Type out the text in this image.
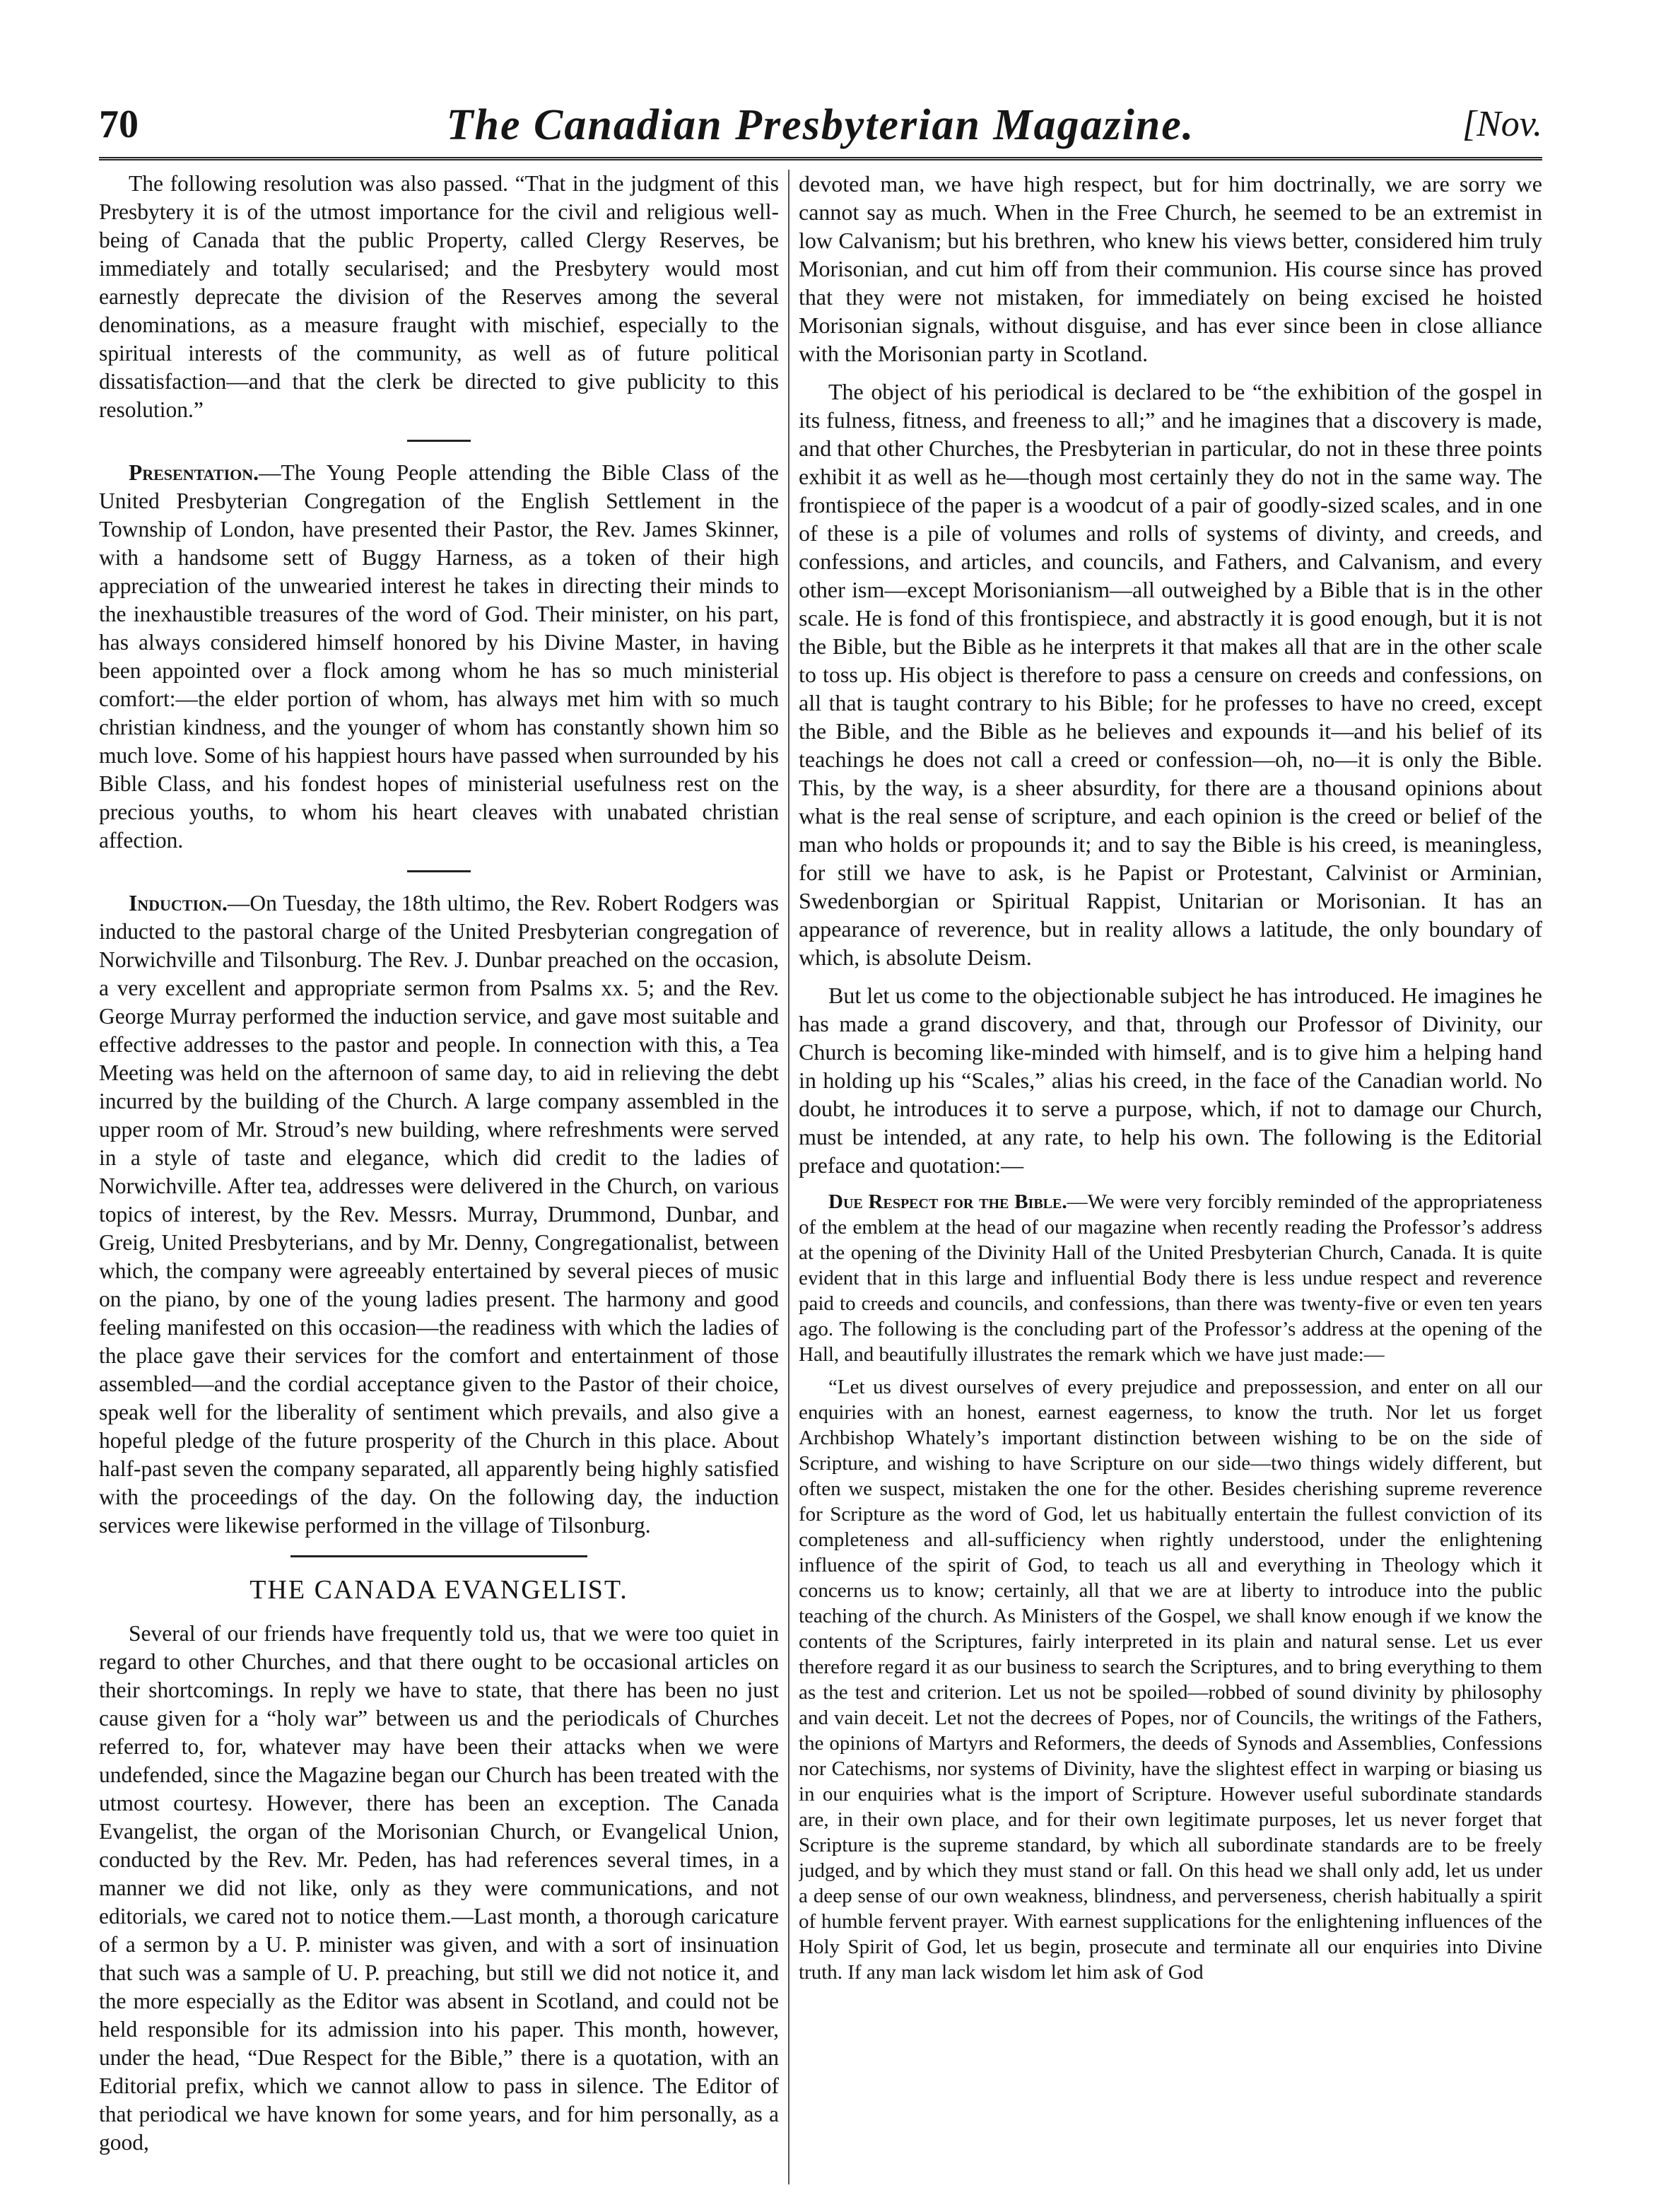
70	The Canadian Presbyterian Magazine.	[Nov.

The following resolution was also passed. “That in the judgment of this Presbytery it is of the utmost importance for the civil and religious well-being of Canada that the public Property, called Clergy Reserves, be immediately and totally secularised; and the Presbytery would most earnestly deprecate the division of the Reserves among the several denominations, as a measure fraught with mischief, especially to the spiritual interests of the community, as well as of future political dissatisfaction—and that the clerk be directed to give publicity to this resolution.”

Presentation.—The Young People attending the Bible Class of the United Presbyterian Congregation of the English Settlement in the Township of London, have presented their Pastor, the Rev. James Skinner, with a handsome sett of Buggy Harness, as a token of their high appreciation of the unwearied interest he takes in directing their minds to the inexhaustible treasures of the word of God. Their minister, on his part, has always considered himself honored by his Divine Master, in having been appointed over a flock among whom he has so much ministerial comfort:—the elder portion of whom, has always met him with so much christian kindness, and the younger of whom has constantly shown him so much love. Some of his happiest hours have passed when surrounded by his Bible Class, and his fondest hopes of ministerial usefulness rest on the precious youths, to whom his heart cleaves with unabated christian affection.

Induction.—On Tuesday, the 18th ultimo, the Rev. Robert Rodgers was inducted to the pastoral charge of the United Presbyterian congregation of Norwichville and Tilsonburg. The Rev. J. Dunbar preached on the occasion, a very excellent and appropriate sermon from Psalms xx. 5; and the Rev. George Murray performed the induction service, and gave most suitable and effective addresses to the pastor and people. In connection with this, a Tea Meeting was held on the afternoon of same day, to aid in relieving the debt incurred by the building of the Church. A large company assembled in the upper room of Mr. Stroud’s new building, where refreshments were served in a style of taste and elegance, which did credit to the ladies of Norwichville. After tea, addresses were delivered in the Church, on various topics of interest, by the Rev. Messrs. Murray, Drummond, Dunbar, and Greig, United Presbyterians, and by Mr. Denny, Congregationalist, between which, the company were agreeably entertained by several pieces of music on the piano, by one of the young ladies present. The harmony and good feeling manifested on this occasion—the readiness with which the ladies of the place gave their services for the comfort and entertainment of those assembled—and the cordial acceptance given to the Pastor of their choice, speak well for the liberality of sentiment which prevails, and also give a hopeful pledge of the future prosperity of the Church in this place. About half-past seven the company separated, all apparently being highly satisfied with the proceedings of the day. On the following day, the induction services were likewise performed in the village of Tilsonburg.

THE CANADA EVANGELIST.

Several of our friends have frequently told us, that we were too quiet in regard to other Churches, and that there ought to be occasional articles on their shortcomings. In reply we have to state, that there has been no just cause given for a “holy war” between us and the periodicals of Churches referred to, for, whatever may have been their attacks when we were undefended, since the Magazine began our Church has been treated with the utmost courtesy. However, there has been an exception. The Canada Evangelist, the organ of the Morisonian Church, or Evangelical Union, conducted by the Rev. Mr. Peden, has had references several times, in a manner we did not like, only as they were communications, and not editorials, we cared not to notice them.—Last month, a thorough caricature of a sermon by a U. P. minister was given, and with a sort of insinuation that such was a sample of U. P. preaching, but still we did not notice it, and the more especially as the Editor was absent in Scotland, and could not be held responsible for its admission into his paper. This month, however, under the head, “Due Respect for the Bible,” there is a quotation, with an Editorial prefix, which we cannot allow to pass in silence. The Editor of that periodical we have known for some years, and for him personally, as a good,

devoted man, we have high respect, but for him doctrinally, we are sorry we cannot say as much. When in the Free Church, he seemed to be an extremist in low Calvanism; but his brethren, who knew his views better, considered him truly Morisonian, and cut him off from their communion. His course since has proved that they were not mistaken, for immediately on being excised he hoisted Morisonian signals, without disguise, and has ever since been in close alliance with the Morisonian party in Scotland.

The object of his periodical is declared to be “the exhibition of the gospel in its fulness, fitness, and freeness to all;” and he imagines that a discovery is made, and that other Churches, the Presbyterian in particular, do not in these three points exhibit it as well as he—though most certainly they do not in the same way. The frontispiece of the paper is a woodcut of a pair of goodly-sized scales, and in one of these is a pile of volumes and rolls of systems of divinty, and creeds, and confessions, and articles, and councils, and Fathers, and Calvanism, and every other ism—except Morisonianism—all outweighed by a Bible that is in the other scale. He is fond of this frontispiece, and abstractly it is good enough, but it is not the Bible, but the Bible as he interprets it that makes all that are in the other scale to toss up. His object is therefore to pass a censure on creeds and confessions, on all that is taught contrary to his Bible; for he professes to have no creed, except the Bible, and the Bible as he believes and expounds it—and his belief of its teachings he does not call a creed or confession—oh, no—it is only the Bible. This, by the way, is a sheer absurdity, for there are a thousand opinions about what is the real sense of scripture, and each opinion is the creed or belief of the man who holds or propounds it; and to say the Bible is his creed, is meaningless, for still we have to ask, is he Papist or Protestant, Calvinist or Arminian, Swedenborgian or Spiritual Rappist, Unitarian or Morisonian. It has an appearance of reverence, but in reality allows a latitude, the only boundary of which, is absolute Deism.

But let us come to the objectionable subject he has introduced. He imagines he has made a grand discovery, and that, through our Professor of Divinity, our Church is becoming like-minded with himself, and is to give him a helping hand in holding up his “Scales,” alias his creed, in the face of the Canadian world. No doubt, he introduces it to serve a purpose, which, if not to damage our Church, must be intended, at any rate, to help his own. The following is the Editorial preface and quotation:—

Due Respect for the Bible.—We were very forcibly reminded of the appropriateness of the emblem at the head of our magazine when recently reading the Professor’s address at the opening of the Divinity Hall of the United Presbyterian Church, Canada. It is quite evident that in this large and influential Body there is less undue respect and reverence paid to creeds and councils, and confessions, than there was twenty-five or even ten years ago. The following is the concluding part of the Professor’s address at the opening of the Hall, and beautifully illustrates the remark which we have just made:—

“Let us divest ourselves of every prejudice and prepossession, and enter on all our enquiries with an honest, earnest eagerness, to know the truth. Nor let us forget Archbishop Whately’s important distinction between wishing to be on the side of Scripture, and wishing to have Scripture on our side—two things widely different, but often we suspect, mistaken the one for the other. Besides cherishing supreme reverence for Scripture as the word of God, let us habitually entertain the fullest conviction of its completeness and all-sufficiency when rightly understood, under the enlightening influence of the spirit of God, to teach us all and everything in Theology which it concerns us to know; certainly, all that we are at liberty to introduce into the public teaching of the church. As Ministers of the Gospel, we shall know enough if we know the contents of the Scriptures, fairly interpreted in its plain and natural sense. Let us ever therefore regard it as our business to search the Scriptures, and to bring everything to them as the test and criterion. Let us not be spoiled—robbed of sound divinity by philosophy and vain deceit. Let not the decrees of Popes, nor of Councils, the writings of the Fathers, the opinions of Martyrs and Reformers, the deeds of Synods and Assemblies, Confessions nor Catechisms, nor systems of Divinity, have the slightest effect in warping or biasing us in our enquiries what is the import of Scripture. However useful subordinate standards are, in their own place, and for their own legitimate purposes, let us never forget that Scripture is the supreme standard, by which all subordinate standards are to be freely judged, and by which they must stand or fall. On this head we shall only add, let us under a deep sense of our own weakness, blindness, and perverseness, cherish habitually a spirit of humble fervent prayer. With earnest supplications for the enlightening influences of the Holy Spirit of God, let us begin, prosecute and terminate all our enquiries into Divine truth. If any man lack wisdom let him ask of God
